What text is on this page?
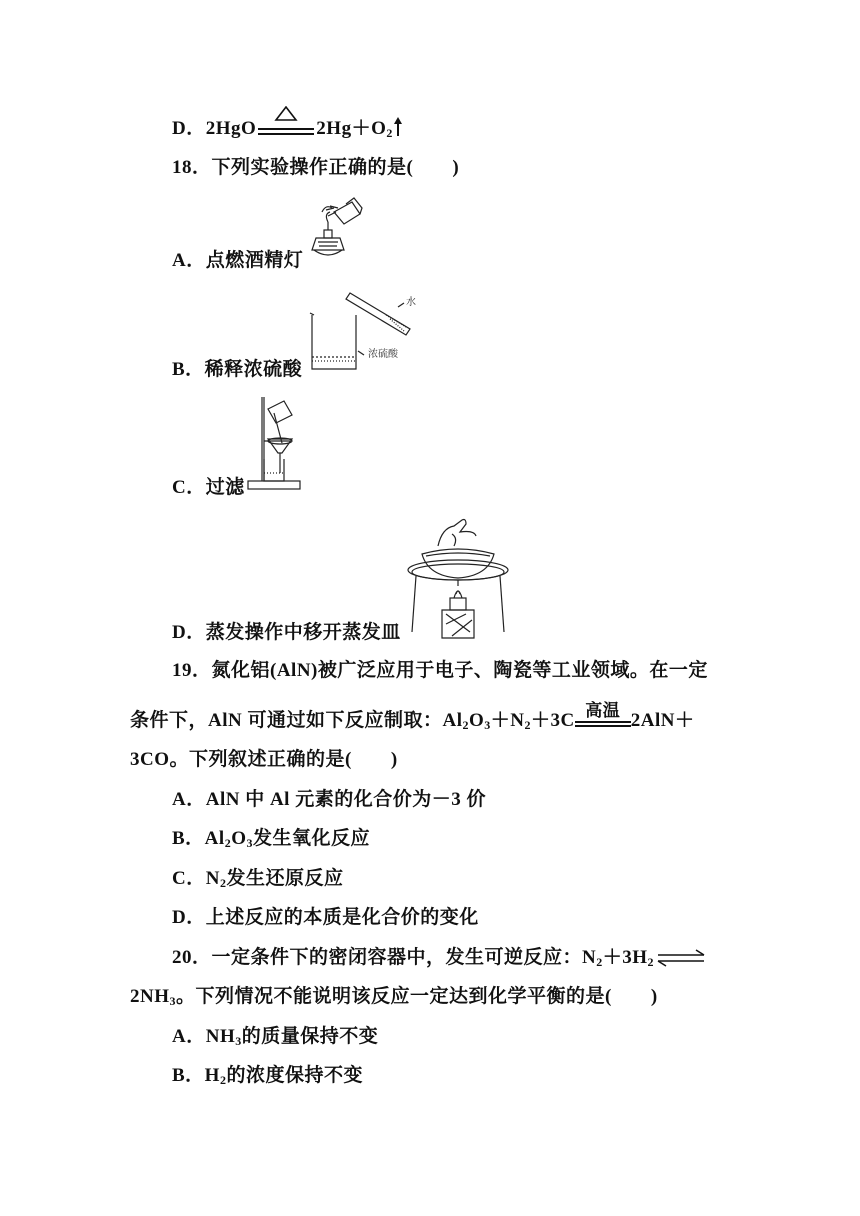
D．2HgO	$2Hg+O_2$
18．下列实验操作正确的是(　　)
A．点燃酒精灯
B．稀释浓硫酸
水
浓硫酸
C．过滤
D．蒸发操作中移开蒸发皿
19．氮化铝(AlN)被广泛应用于电子、陶瓷等工业领域。在一定
条件下，AlN 可通过如下反应制取：$Al_2O_3+N_2+3C$ 高温 2AlN＋
3CO。下列叙述正确的是(　　)
A．AlN 中 Al 元素的化合价为－3 价
B．$Al_2O_3$发生氧化反应
C．$N_2$发生还原反应
D．上述反应的本质是化合价的变化
20．一定条件下的密闭容器中，发生可逆反应：$N_2+3H_2\rightleftharpoons$
$2NH_3$。下列情况不能说明该反应一定达到化学平衡的是(　　)
A．$NH_3$的质量保持不变
B．$H_2$的浓度保持不变
